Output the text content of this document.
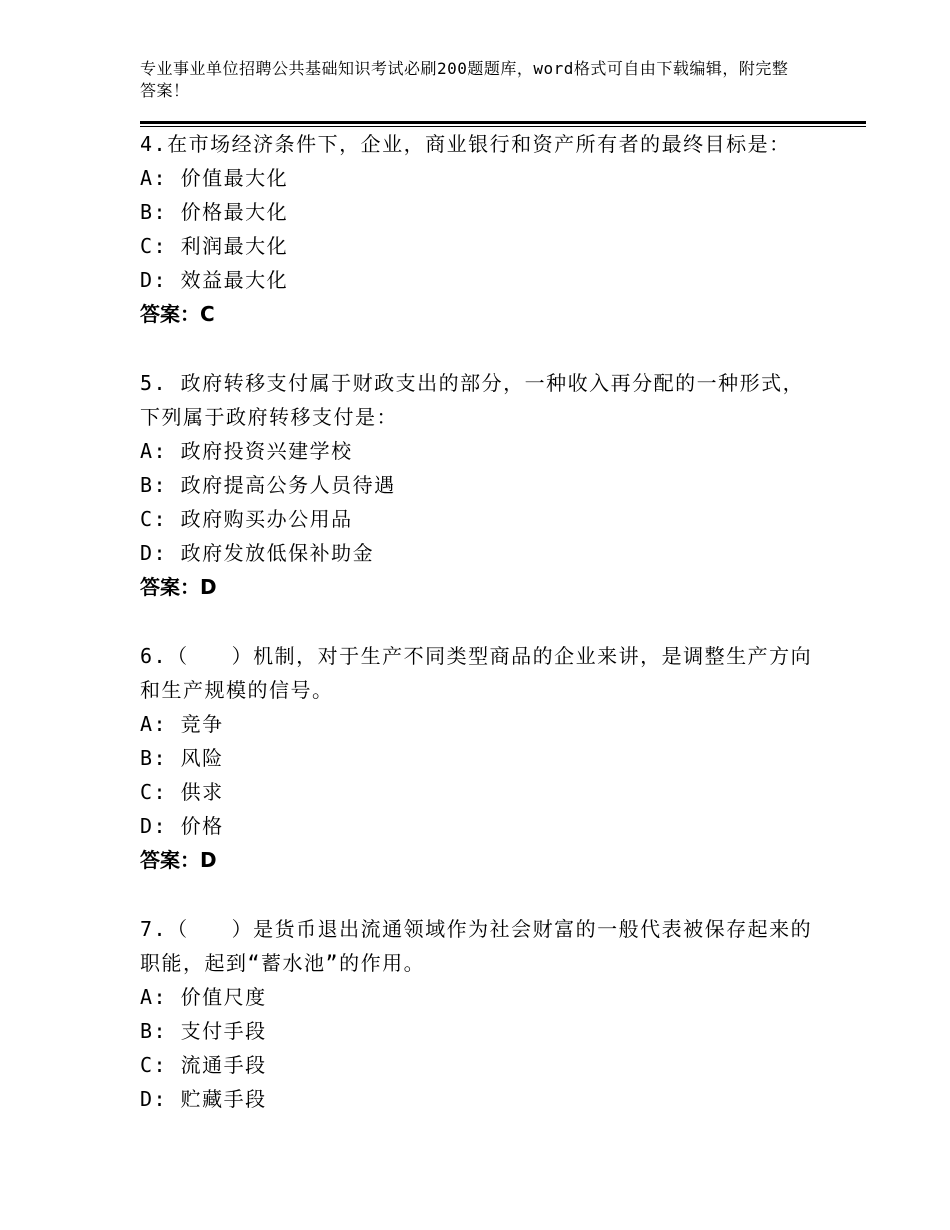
专业事业单位招聘公共基础知识考试必刷200题题库，word格式可自由下载编辑，附完整答案！

4.在市场经济条件下，企业，商业银行和资产所有者的最终目标是：

A: 价值最大化

B: 价格最大化

C: 利润最大化

D: 效益最大化

答案：C

5. 政府转移支付属于财政支出的部分，一种收入再分配的一种形式，下列属于政府转移支付是：

A: 政府投资兴建学校

B: 政府提高公务人员待遇

C: 政府购买办公用品

D: 政府发放低保补助金

答案：D

6.（　　）机制，对于生产不同类型商品的企业来讲，是调整生产方向和生产规模的信号。

A: 竞争

B: 风险

C: 供求

D: 价格

答案：D

7.（　　）是货币退出流通领域作为社会财富的一般代表被保存起来的职能，起到“蓄水池”的作用。

A: 价值尺度

B: 支付手段

C: 流通手段

D: 贮藏手段
